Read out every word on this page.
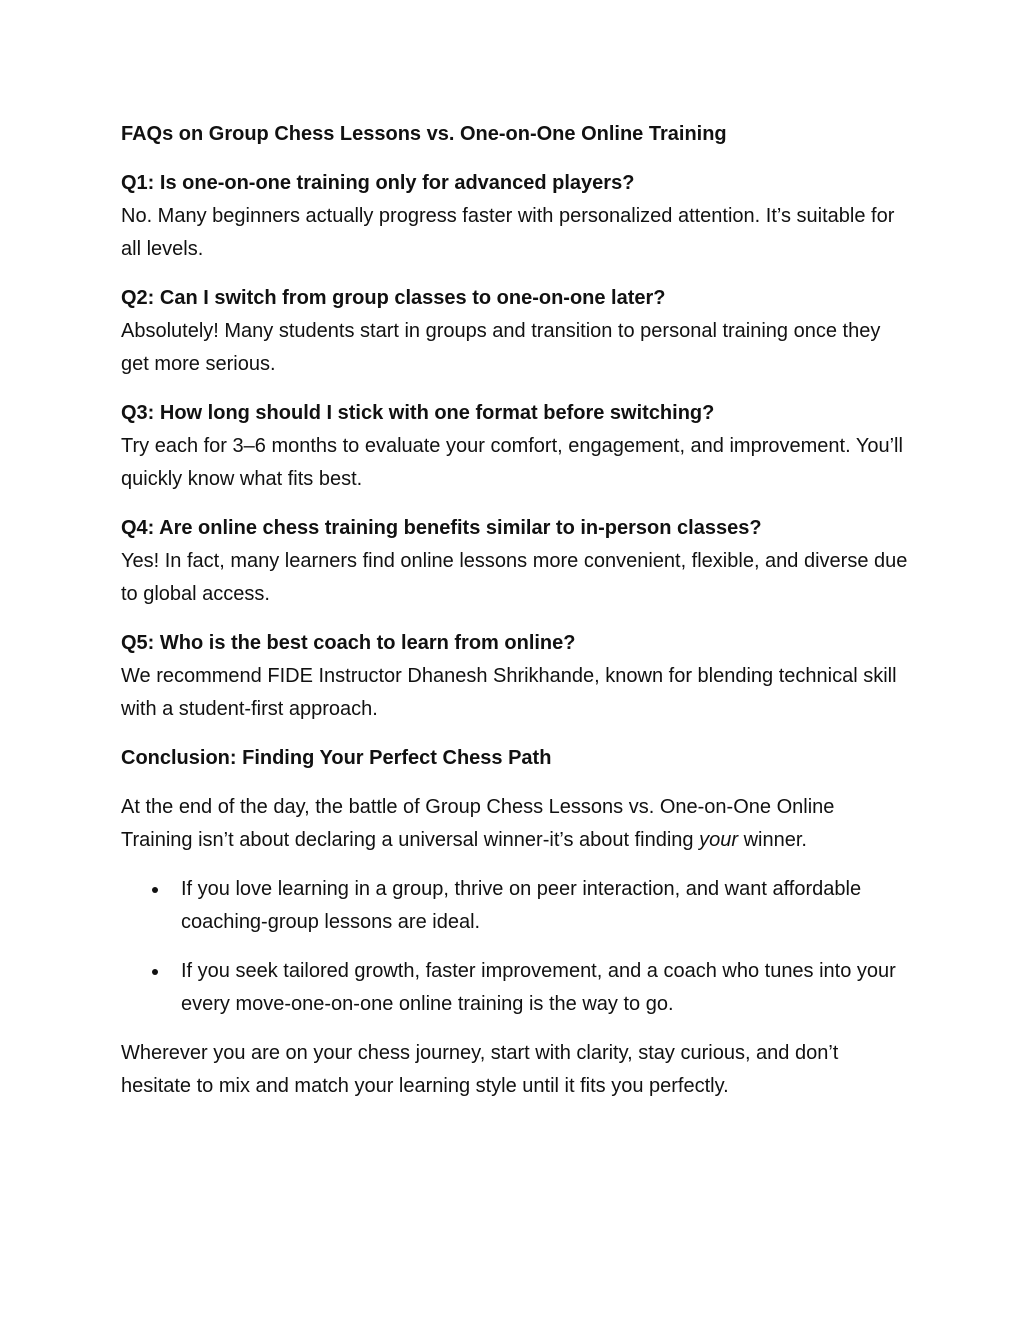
FAQs on Group Chess Lessons vs. One-on-One Online Training

Q1: Is one-on-one training only for advanced players?

No. Many beginners actually progress faster with personalized attention. It’s suitable for all levels.

Q2: Can I switch from group classes to one-on-one later?

Absolutely! Many students start in groups and transition to personal training once they get more serious.

Q3: How long should I stick with one format before switching?

Try each for 3–6 months to evaluate your comfort, engagement, and improvement. You’ll quickly know what fits best.

Q4: Are online chess training benefits similar to in-person classes?

Yes! In fact, many learners find online lessons more convenient, flexible, and diverse due to global access.

Q5: Who is the best coach to learn from online?

We recommend FIDE Instructor Dhanesh Shrikhande, known for blending technical skill with a student-first approach.

Conclusion: Finding Your Perfect Chess Path

At the end of the day, the battle of Group Chess Lessons vs. One-on-One Online Training isn’t about declaring a universal winner-it’s about finding your winner.

If you love learning in a group, thrive on peer interaction, and want affordable coaching-group lessons are ideal.
If you seek tailored growth, faster improvement, and a coach who tunes into your every move-one-on-one online training is the way to go.

Wherever you are on your chess journey, start with clarity, stay curious, and don’t hesitate to mix and match your learning style until it fits you perfectly.
